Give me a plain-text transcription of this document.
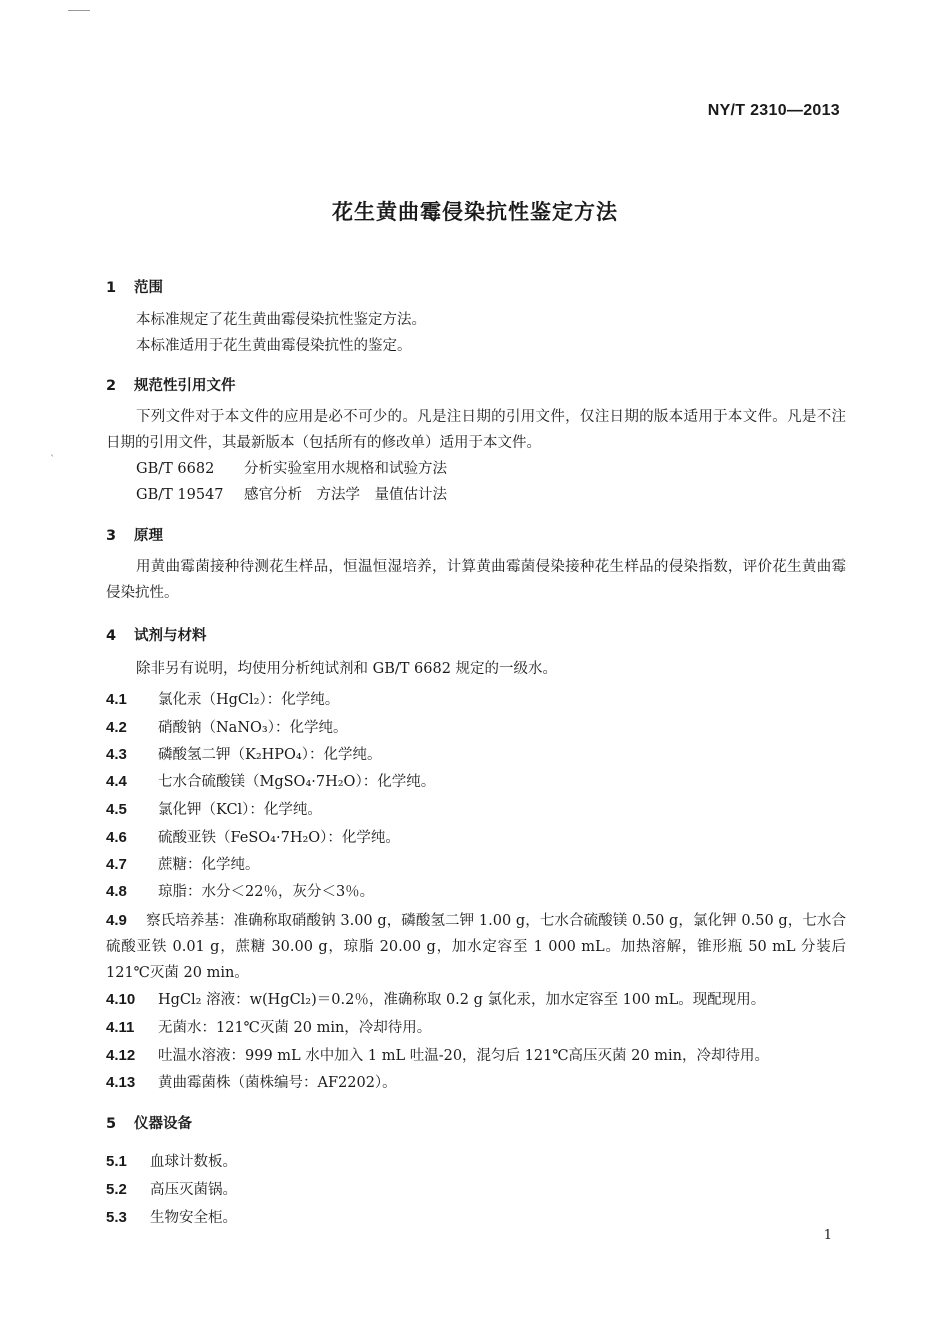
`
NY/T 2310—2013
花生黄曲霉侵染抗性鉴定方法
1 范围
本标准规定了花生黄曲霉侵染抗性鉴定方法。
本标准适用于花生黄曲霉侵染抗性的鉴定。
2 规范性引用文件
下列文件对于本文件的应用是必不可少的。凡是注日期的引用文件，仅注日期的版本适用于本文件。凡是不注日期的引用文件，其最新版本（包括所有的修改单）适用于本文件。
GB/T 6682 分析实验室用水规格和试验方法
GB/T 19547 感官分析　方法学　量值估计法
3 原理
用黄曲霉菌接种待测花生样品，恒温恒湿培养，计算黄曲霉菌侵染接种花生样品的侵染指数，评价花生黄曲霉侵染抗性。
4 试剂与材料
除非另有说明，均使用分析纯试剂和 GB/T 6682 规定的一级水。
4.1 氯化汞（HgCl₂）：化学纯。
4.2 硝酸钠（NaNO₃）：化学纯。
4.3 磷酸氢二钾（K₂HPO₄）：化学纯。
4.4 七水合硫酸镁（MgSO₄·7H₂O）：化学纯。
4.5 氯化钾（KCl）：化学纯。
4.6 硫酸亚铁（FeSO₄·7H₂O）：化学纯。
4.7 蔗糖：化学纯。
4.8 琼脂：水分＜22％，灰分＜3％。
4.9 察氏培养基：准确称取硝酸钠 3.00 g，磷酸氢二钾 1.00 g，七水合硫酸镁 0.50 g，氯化钾 0.50 g，七水合硫酸亚铁 0.01 g，蔗糖 30.00 g，琼脂 20.00 g，加水定容至 1 000 mL。加热溶解，锥形瓶 50 mL 分装后 121℃灭菌 20 min。
4.10 HgCl₂ 溶液：w(HgCl₂)＝0.2％，准确称取 0.2 g 氯化汞，加水定容至 100 mL。现配现用。
4.11 无菌水：121℃灭菌 20 min，冷却待用。
4.12 吐温水溶液：999 mL 水中加入 1 mL 吐温-20，混匀后 121℃高压灭菌 20 min，冷却待用。
4.13 黄曲霉菌株（菌株编号：AF2202）。
5 仪器设备
5.1 血球计数板。
5.2 高压灭菌锅。
5.3 生物安全柜。
1
